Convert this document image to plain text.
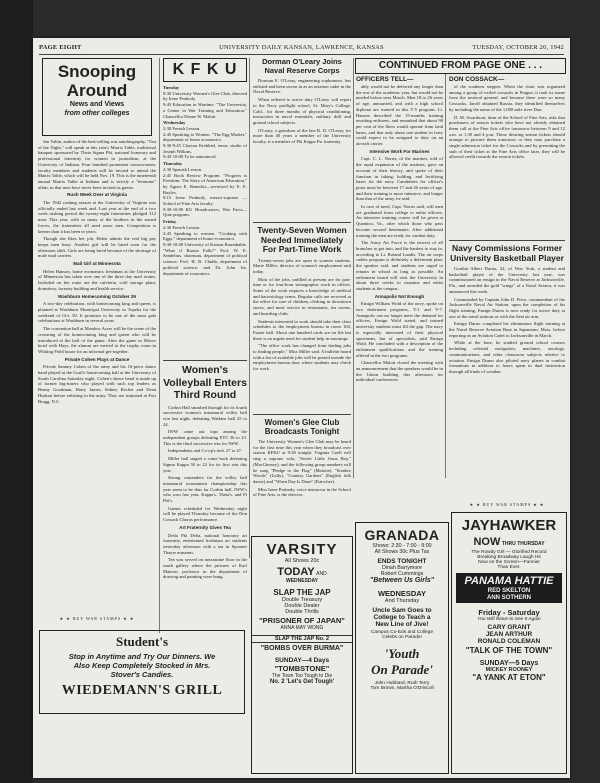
PAGE EIGHT	UNIVERSITY DAILY KANSAN, LAWRENCE, KANSAS	TUESDAY, OCTOBER 20, 1942
Snooping
Around
News and Views
from other colleges

Jan Valtin, author of the best-selling war autobiography, "Out of the Night," will speak at this year's Matrix Table, traditional banquet sponsored by Theta Sigma Phi, national honorary and professional fraternity for women in journalism, at the University of Indiana. Four hundred prominent townswomen, faculty members and students will be invited to attend the Matrix Table, which will be held Nov. 19. This is the nineteenth annual Matrix Table at Indiana and is strictly a "feminine" affair, in that men have never been invited as guests.

Rush Week Over at Virginia

The 1942 rushing season at the University of Virginia was officially ended last week and. Last year at the end of a two week rushing period the twenty-eight fraternities pledged 312 men. This year, with so many of the brothers in the armed forces, the fraternities all need more men. Competition is keener than it has been in years.

Though she likes her job, Helen admits the real big pay keeps men busy. Another girl will be hired soon for the afternoon shift. Girls are being hired because of the shortage of male mail carriers.

Mail Girl at Minnesota

Helen Hanson, home economics freshman at the University of Minnesota has taken over one of the three day mail routes. Included on her route are the cafeteria, cold storage plant, dormitory, forestry building and health service.

Washburn Homecoming October 29

A two-day celebration, with homecoming king and queen, is planned at Washburn Municipal University in Topeka for the weekend of Oct. 30. It promises to be one of the most gala celebrations at Washburn in several years.

The coronation ball at Meadow Acres will be the scene of the crowning of the homecoming king and queen who will be introduced at the half of the game. After the game in Moore bowl with Hays, the alumni are invited to the trophy room in Whiting Field house for an informal get-together.

Private Cohen Plays at Dance

Private Sammy Cohen of the army and his 16-piece dance band played at the Grail's homecoming ball at the University of South Carolina Saturday night. Cohen's dance band is made up of former big-timers who played with such top leaders as Benny Goodman, Harry James, Sidney Bechet and Dean Hudson before enlisting in the army. They are stationed at Fort Bragg, N.C.

★ ★ BUY WAR STAMPS ★ ★
K F K U

Tuesday

9:30 University Women's Glee Club, directed by Irene Peabody.

9:45 Education in Wartime. "The University, a Center in War Training and Education," Chancellor Deane W. Malott.

Wednesday

2:30 French Lesson.

2:45 Speaking to Women. "The Egg Market," department of home economics.

9:30-9:45 Clayton Krehbiel, tenor, studio of Joseph Wilkins.

9:45-10:00 To be announced.

Thursday

2:30 Spanish Lesson.

2:45 Book Review Program. "Progress is Freedom: The Story of American Education," by Agnes E. Benedict—reviewed by E. E. Bayles.

9:15 Irene Peabody, mezzo-soprano —School of Fine Arts faculty.

9:30-10:00 KU Broadcasters, War Facts—Quiz program.

Friday

2:30 French Lesson.

2:45 Speaking to women. "Cooking with Eggs," department of home economics.

9:30-10:00 University of Kansas Roundtable. "What if Russia Falls?" Prof. W. E. Sandelius, chairman, department of political science; Prof. H. B. Chubb, department of political science; and Dr. John Ise, department of economics.

Women's Volleyball Enters Third Round

Corbin Hall smashed through for its fourth successive women's intramural volley ball win last night, defeating Watkins hall 25 to 24.

IWW came out tops among the independent groups defeating ETC 36 to 23. This is the third successive win for IWW.

Independents and Co-op's tied, 27 to 27.

Miller hall staged a come back defeating Sigma Kappa 50 to 22 for its first win this year.

Strong contenders for the volley ball intramural tournament championship this year seem to be thus far Corbin hall, IWW's who won last year, Kappa's, Theta's, and Pi Phi's.

Games scheduled for Wednesday night will be played Thursday because of the Don Cossack Chorus performance.

Art Fraternity Gives Tea

Delta Phi Delta, national honorary art fraternity, entertained freshman art students yesterday afternoon with a tea in Spooner Thayer museum.

Tea was served on mezzanine floor in the south gallery where the pictures of Karl Mattern, professor in the department of drawing and painting were hung.

Dorman O'Leary Joins Naval Reserve Corps

Dorman E. O'Leary, engineering sophomore, has enlisted and been sworn in as an aviation cadet in the Naval Reserve.

When ordered to active duty O'Leary will report to the Navy preflight school, St. Mary's College, Calif., for three months of physical conditioning, instruction in naval essentials, military drill and ground school subjects.

O'Leary, a grandson of the late R. D. O'Leary, for more than 40 years a member of the University faculty, is a member of Phi Kappa Psi fraternity.

Twenty-Seven Women Needed Immediately For Part-Time Work

Twenty-seven jobs are open to women students. Marie Miller, director of women's employment said today.

Most of the jobs, unfilled at present are for part-time or for four-hour stenographic work in offices. Some of the work requires a knowledge of medical and bacteriology terms. Regular calls are received at the office for care of children, clerking in downtown stores, and meal service in restaurants, tea rooms, and boarding clubs.

Students interested in work should take their class schedules to the employment bureau in room 104, Frazer hall. About one hundred cards are on file but there is an urgent need for student help in mornings.

"The office work has changed from finding jobs to finding people," Miss Miller said. A bulletin board with a list of available jobs will be posted outside the employment bureau door where students may check for work.

Women's Glee Club Broadcasts Tonight

The University Women's Glee Club may be heard for the first time this year when they broadcast over station KFKU at 9:30 tonight. Virginia Goell will sing a soprano solo, "Sweet Little Jesus Boy," (MacGimsey), and the following group numbers will be sung "Pledge to the Flag" (Malotte), "Sombre Woods" (Lully), "Country Gardens" (English folk dance) and "When Day Is Done" (Katscher).

Miss Irene Peabody, voice instructor in the School of Fine Arts, is the director.

CONTINUED FROM PAGE ONE . . .
OFFICERS TELL—

ably would not be deferred any longer than the rest of the academic year, but would not be needed before next March. Men 18 to 26 years of age, unmarried, and with a high school diploma are wanted in this V-5 program. Lt. Hansen described the 15-months training awaiting enlistees, and remarked that about 90 per cent of the fliers would operate from land bases, and that only about one student in forty could expect to be assigned to duty on an aircraft carrier.

Intensive Work For Marines

Capt. C. L. Norris, of the marines, told of the rapid expansion of the marines, gave an account of their history, and spoke of their function in taking, holding, and fortifying bases for the navy. Candidates for officer's posts must be between 17 and 26 years of age, and their training is more intensive, and longer than that of the army, he said.

In case of need, Capt. Norris said, will men are graduated from college to enlist officers. An intensive training course will be given at Quantico, Va., after which those who pass become second lieutenants. After additional training the men are ready for combat duty.

The Army Air Force is the newest of all branches to get into, and the hardest to stay in, according to Lt. Roland Landis. The air corps cadets program is definitely a deferment plan, the speaker said, and students are urged to remain in school as long as possible. An enlistment board will visit the University in about three weeks to examine and enlist students at the campus.

Annapolis Not Enough

Ensign William Wold of the navy, spoke on two deferment programs, V-1 and V-7. Annapolis can no longer meet the demand for officers, Ensign Wold stated, and trained university students must fill the gap. The navy is especially interested of their physical specimens, but of specialists, said Ensign Wold. He concluded with a description of the enlistment qualifications and the training offered in the two programs.

Chancellor Malott closed the meeting with an announcement that the speakers would be in the Union building this afternoon for individual conferences.

DON COSSACK—

of the southern steppes. When the choir was organized among a group of exiled cossacks in Prague, it took its name from the musical general, and because there were so many Cossacks, Jaroff obtained Russia, they identified themselves by including the name of the 1,000 mile river Don.

D. M. Swarthout, dean of the School of Fine Arts, asks that purchasers of season tickets who have not already obtained them call at the Fine Arts office tomorrow between 9 and 12 a.m. or 1:30 and 4 p.m. Those desiring season tickets should arrange to procure them tomorrow or they may purchase a single admission ticket for the Cossacks and by presenting the stub of their ticket at the Fine Arts office later, they will be allowed credit towards the season tickets.

Navy Commissions Former University Basketball Player

Gordon Albert Durno, 22, of New York, a student and basketball player of the University last year, was commissioned an ensign in the Naval Reserve at Jacksonville, Fla., and awarded the gold "wings" of a Naval Aviator, it was announced this week.

Commanded by Captain John D. Price, commandant of the Jacksonville Naval Air Station, upon the completion of his flight training, Ensign Durno is now ready for active duty at one of the naval stations or with the fleet air arm.

Ensign Durno completed his elimination flight training at the Naval Reserve Aviation Base in Squantum, Mass. before reporting as an Aviation Cadet to Jacksonville in March.

While at the base, he studied ground school courses including celestial navigation, machines, aerology, communications, and other classroom subjects relative to aviation. Ensign Durno also piloted navy planes in combat formations in addition to hours spent in dual instruction through all kinds of weather.

★ ★ BUY WAR STAMPS ★ ★
Student's
Stop in Anytime and Try Our Dinners. We
Also Keep Completely Stocked in Mrs.
Stover's Candies.
WIEDEMANN'S GRILL
VARSITY
All Shows 20c
TODAY AND
WEDNESDAY
SLAP THE JAP
Double Treasury
Double Dealer
Double Thrills
"PRISONER OF JAPAN"
ANNA MAY WONG
SLAP THE JAP No. 2
"BOMBS OVER BURMA"
SUNDAY—4 Days
"TOMBSTONE"
The Town Too Tough to Die
No. 2 'Let's Get Tough'
GRANADA
Shows: 2:30 - 7:00 - 9:00
All Shows 30c Plus Tax
ENDS TONIGHT
Dinah Barrymore
Robert Cummings
"Between Us Girls"
WEDNESDAY
And Thursday
Uncle Sam Goes to
College to Teach a
New Line of Jive!
Campus Co-Eds and College
Celebs on Parade!
'Youth
On Parade'
John Hubbard, Ruth Terry
Tom Brown, Martha O'Driscoll
JAYHAWKER
NOW THRU THURSDAY
The Rowdy Girl — Glorified Record
Breaking Broadway Laugh Hit
Now on the Screen—Funnier
Than Ever.
PANAMA HATTIE
RED SKELTON
ANN SOTHERN
Friday - Saturday
You Will Wave to See It Again
CARY GRANT
JEAN ARTHUR
RONALD COLEMAN
"TALK OF THE TOWN"
SUNDAY—5 Days
MICKEY ROONEY
"A YANK AT ETON"
